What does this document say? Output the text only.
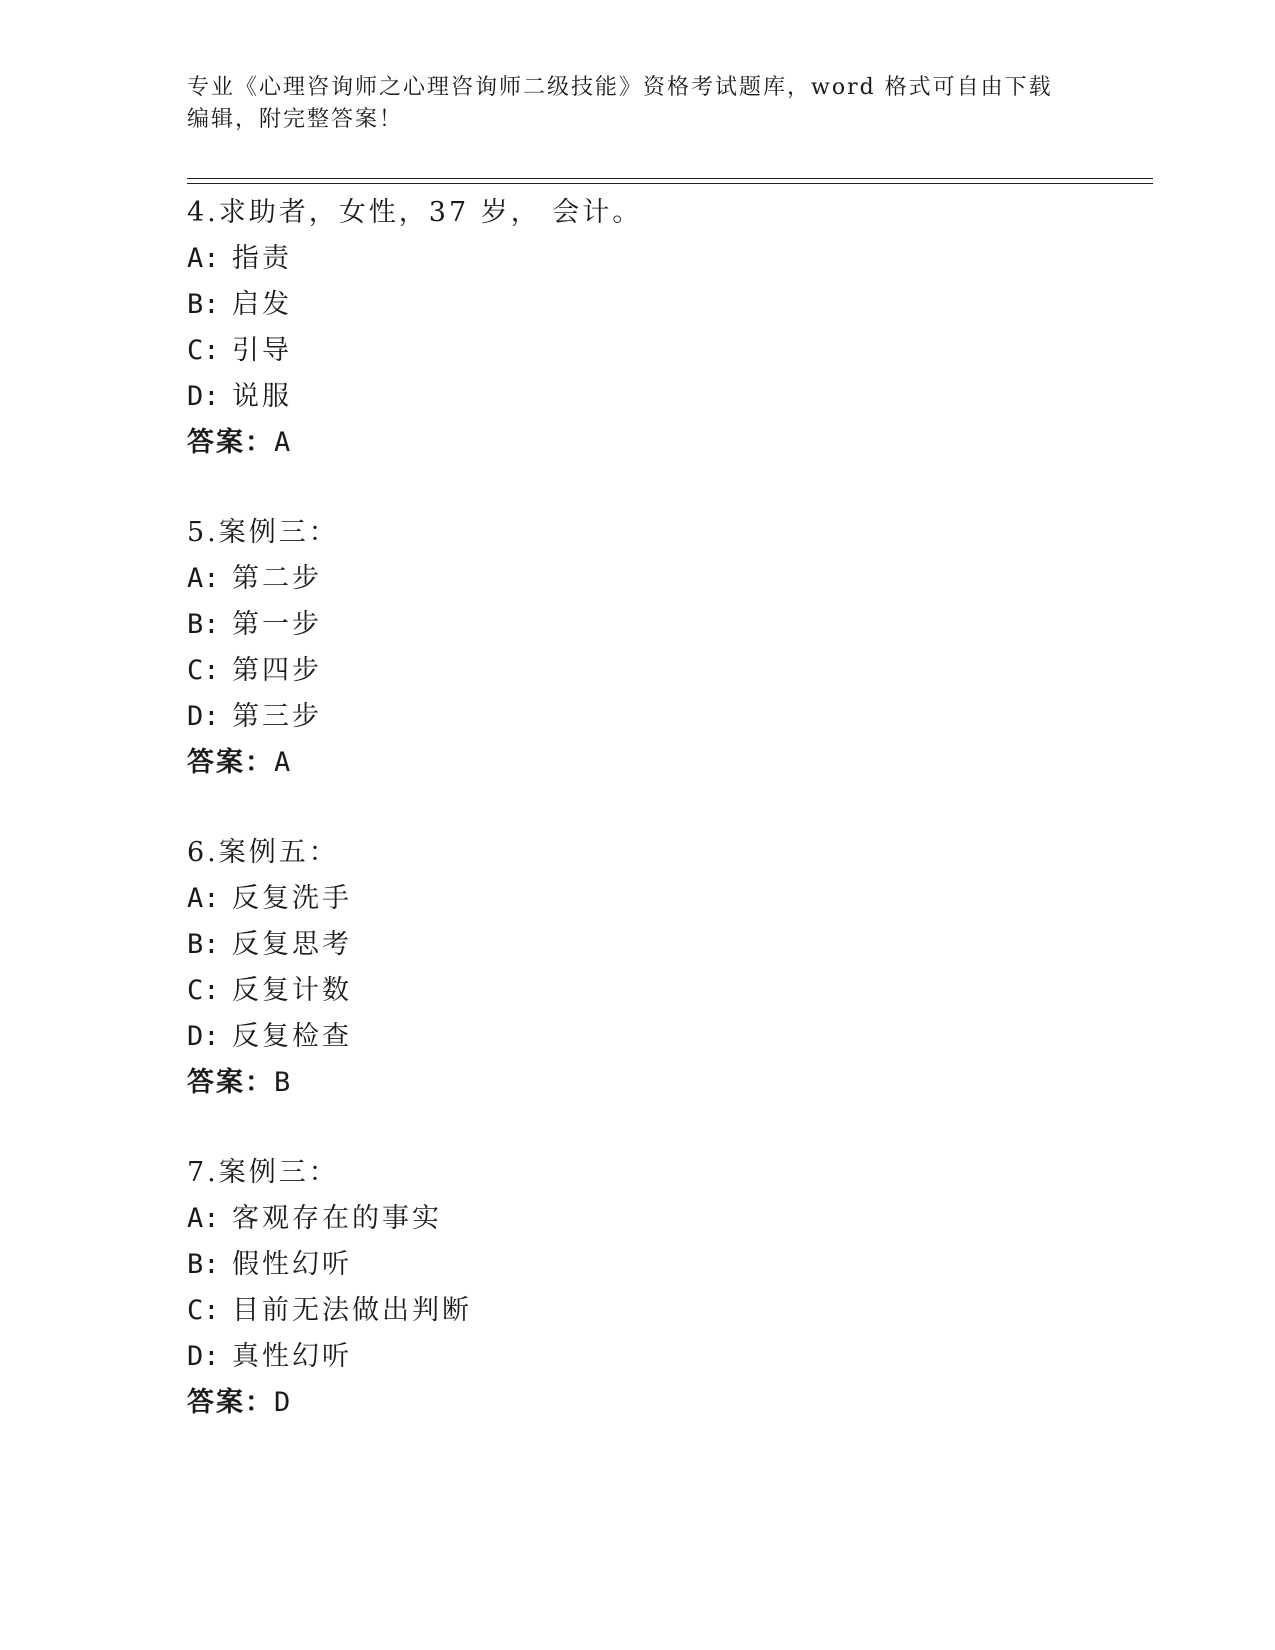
专业《心理咨询师之心理咨询师二级技能》资格考试题库，word 格式可自由下载
编辑，附完整答案！
4.求助者，女性，37 岁， 会计。
A: 指责
B: 启发
C: 引导
D: 说服
答案：A
5.案例三：
A: 第二步
B: 第一步
C: 第四步
D: 第三步
答案：A
6.案例五：
A: 反复洗手
B: 反复思考
C: 反复计数
D: 反复检查
答案：B
7.案例三：
A: 客观存在的事实
B: 假性幻听
C: 目前无法做出判断
D: 真性幻听
答案：D
